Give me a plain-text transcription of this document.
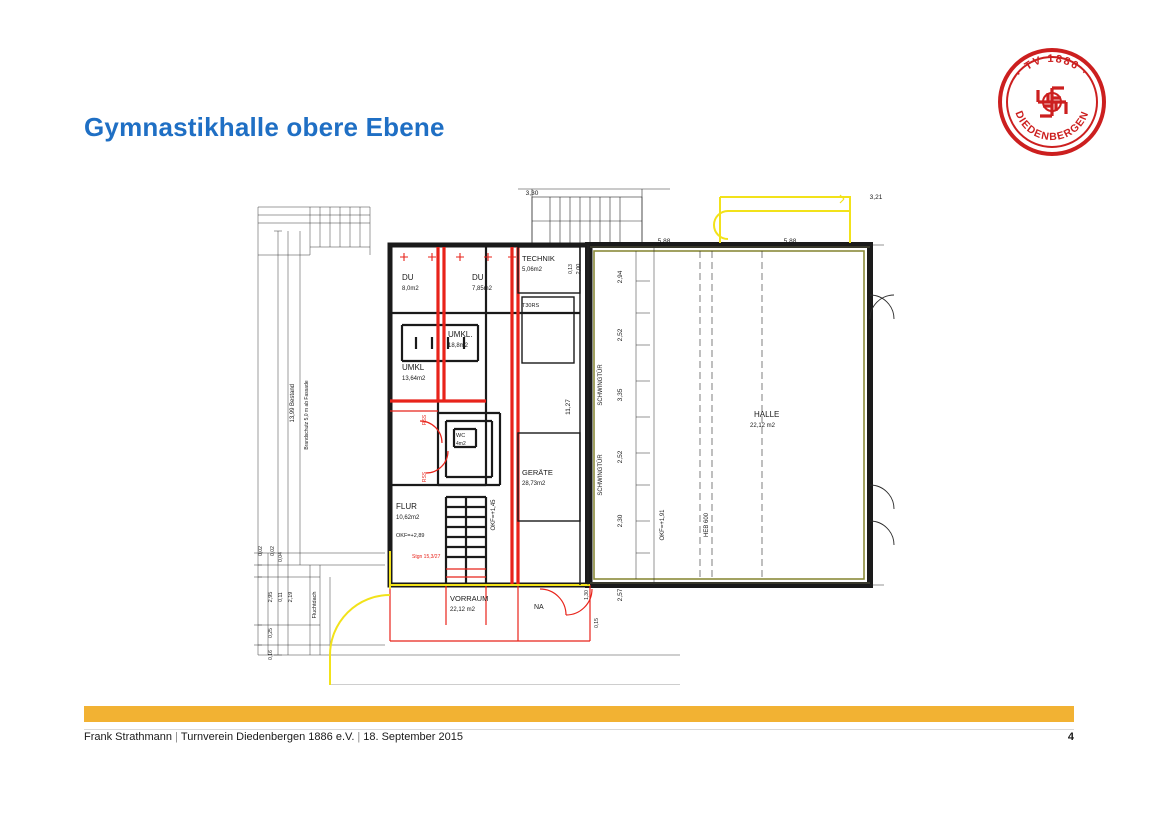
Gymnastikhalle obere Ebene
· TV 1886 ·
DIEDENBERGEN
DU
8,0m2
DU
7,85m2
UMKL.
18,8m2
UMKL
13,64m2
TECHNIK
5,06m2
T30RS
GERÄTE
28,73m2
FLUR
10,62m2
OKF=+2,89
VORRAUM
22,12 m2
HALLE
22,12 m2
WC
4m2
NA
Stgn 15,3/27
SCHWINGTÜR
SCHWINGTÜR
OKF=+1,45	OKF=+1,91	HEB 600
Bestand Brandschutz 5,0 m ab Fassade
Fluchtdach
RSS
RSS
3,30
3,21
5,88	5,88
2,94
2,52
3,35
2,52
2,30
2,57
11,27
13,99
2,00
0,13
0,02 0,02
0,04
2,95 0,11 2,19
0,25
0,16
1,30
0,15
Frank Strathmann | Turnverein Diedenbergen 1886 e.V. | 18. September 2015	4
